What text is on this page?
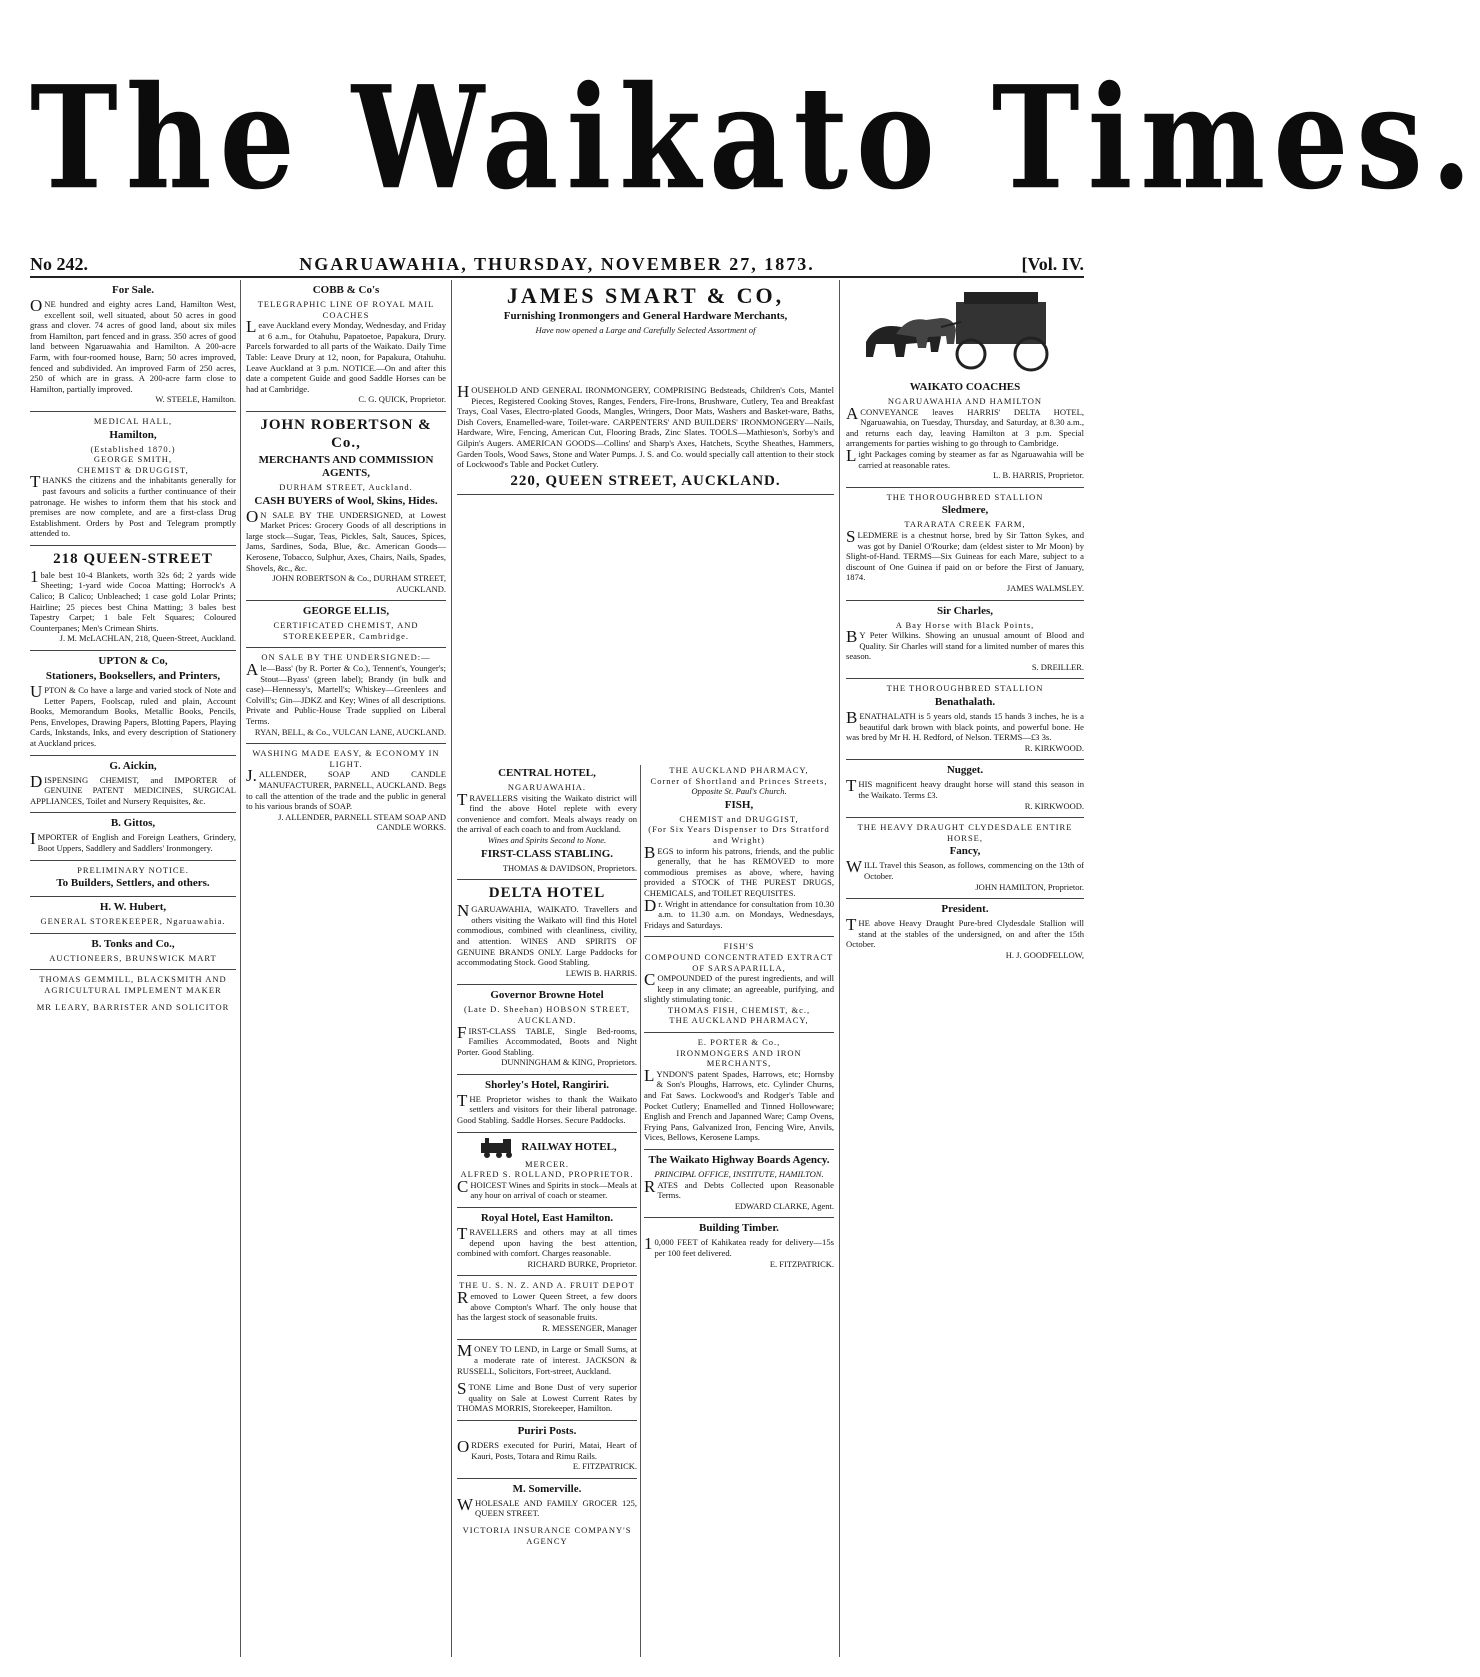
The Waikato Times.
No 242.	NGARUAWAHIA, THURSDAY, NOVEMBER 27, 1873.	[Vol. IV.
For Sale.
ONE hundred and eighty acres Land, Hamilton West, excellent soil, well situated, about 50 acres in good grass and clover. 74 acres of good land, about six miles from Hamilton, part fenced and in grass. 350 acres of good land between Ngaruawahia and Hamilton. A 200-acre Farm, with four-roomed house, Barn; 50 acres improved, fenced and subdivided. An improved Farm of 250 acres, 250 of which are in grass. A 200-acre farm close to Hamilton, partially improved.
W. STEELE, Hamilton.
MEDICAL HALL,
Hamilton,
(Established 1870.)
GEORGE SMITH,
CHEMIST & DRUGGIST,
THANKS the citizens and the inhabitants generally for past favours and solicits a further continuance of their patronage. He wishes to inform them that his stock and premises are now complete, and are a first-class Drug Establishment. Orders by Post and Telegram promptly attended to.
218 QUEEN-STREET
1bale best 10-4 Blankets, worth 32s 6d; 2 yards wide Sheeting; 1-yard wide Cocoa Matting; Horrock's A Calico; B Calico; Unbleached; 1 case gold Lolar Prints; Hairline; 25 pieces best China Matting; 3 bales best Tapestry Carpet; 1 bale Felt Squares; Coloured Counterpanes; Men's Crimean Shirts.
J. M. McLACHLAN, 218, Queen-Street, Auckland.
UPTON & Co,
Stationers, Booksellers, and Printers,
UPTON & Co have a large and varied stock of Note and Letter Papers, Foolscap, ruled and plain, Account Books, Memorandum Books, Metallic Books, Pencils, Pens, Envelopes, Drawing Papers, Blotting Papers, Playing Cards, Inkstands, Inks, and every description of Stationery at Auckland prices.
G. Aickin,
DISPENSING CHEMIST, and IMPORTER of GENUINE PATENT MEDICINES, SURGICAL APPLIANCES, Toilet and Nursery Requisites, &c.
B. Gittos,
IMPORTER of English and Foreign Leathers, Grindery, Boot Uppers, Saddlery and Saddlers' Ironmongery.
PRELIMINARY NOTICE.
To Builders, Settlers, and others.
H. W. Hubert,
GENERAL STOREKEEPER, Ngaruawahia.
B. Tonks and Co.,
AUCTIONEERS, BRUNSWICK MART
THOMAS GEMMILL, BLACKSMITH AND AGRICULTURAL IMPLEMENT MAKER
MR LEARY, BARRISTER AND SOLICITOR
COBB & Co's
TELEGRAPHIC LINE OF ROYAL MAIL COACHES
Leave Auckland every Monday, Wednesday, and Friday at 6 a.m., for Otahuhu, Papatoetoe, Papakura, Drury. Parcels forwarded to all parts of the Waikato. Daily Time Table: Leave Drury at 12, noon, for Papakura, Otahuhu. Leave Auckland at 3 p.m. NOTICE.—On and after this date a competent Guide and good Saddle Horses can be had at Cambridge.
C. G. QUICK, Proprietor.
JOHN ROBERTSON & Co.,
MERCHANTS AND COMMISSION AGENTS,
DURHAM STREET, Auckland.
CASH BUYERS of Wool, Skins, Hides.
ON SALE BY THE UNDERSIGNED, at Lowest Market Prices: Grocery Goods of all descriptions in large stock—Sugar, Teas, Pickles, Salt, Sauces, Spices, Jams, Sardines, Soda, Blue, &c. American Goods—Kerosene, Tobacco, Sulphur, Axes, Chairs, Nails, Spades, Shovels, &c., &c.
JOHN ROBERTSON & Co., DURHAM STREET, AUCKLAND.
GEORGE ELLIS,
CERTIFICATED CHEMIST, AND STOREKEEPER, Cambridge.
ON SALE BY THE UNDERSIGNED:—
Ale—Bass' (by R. Porter & Co.), Tennent's, Younger's; Stout—Byass' (green label); Brandy (in bulk and case)—Hennessy's, Martell's; Whiskey—Greenlees and Colvill's; Gin—JDKZ and Key; Wines of all descriptions. Private and Public-House Trade supplied on Liberal Terms.
RYAN, BELL, & Co., VULCAN LANE, AUCKLAND.
WASHING MADE EASY, & ECONOMY IN LIGHT.
J.ALLENDER, SOAP AND CANDLE MANUFACTURER, PARNELL, AUCKLAND. Begs to call the attention of the trade and the public in general to his various brands of SOAP.
J. ALLENDER, PARNELL STEAM SOAP AND CANDLE WORKS.
JAMES SMART & CO,
Furnishing Ironmongers and General Hardware Merchants,
Have now opened a Large and Carefully Selected Assortment of
HOUSEHOLD AND GENERAL IRONMONGERY, COMPRISING Bedsteads, Children's Cots, Mantel Pieces, Registered Cooking Stoves, Ranges, Fenders, Fire-Irons, Brushware, Cutlery, Tea and Breakfast Trays, Coal Vases, Electro-plated Goods, Mangles, Wringers, Door Mats, Washers and Basket-ware, Baths, Dish Covers, Enamelled-ware, Toilet-ware. CARPENTERS' AND BUILDERS' IRONMONGERY—Nails, Hardware, Wire, Fencing, American Cut, Flooring Brads, Zinc Slates. TOOLS—Mathieson's, Sorby's and Gilpin's Augers. AMERICAN GOODS—Collins' and Sharp's Axes, Hatchets, Scythe Sheathes, Hammers, Garden Tools, Wood Saws, Stone and Water Pumps. J. S. and Co. would specially call attention to their stock of Lockwood's Table and Pocket Cutlery.
220, QUEEN STREET, AUCKLAND.
CENTRAL HOTEL,
NGARUAWAHIA.
TRAVELLERS visiting the Waikato district will find the above Hotel replete with every convenience and comfort. Meals always ready on the arrival of each coach to and from Auckland.
Wines and Spirits Second to None.
FIRST-CLASS STABLING.
THOMAS & DAVIDSON, Proprietors.
DELTA HOTEL
NGARUAWAHIA, WAIKATO. Travellers and others visiting the Waikato will find this Hotel commodious, combined with cleanliness, civility, and attention. WINES AND SPIRITS OF GENUINE BRANDS ONLY. Large Paddocks for accommodating Stock. Good Stabling.
LEWIS B. HARRIS.
Governor Browne Hotel
(Late D. Sheehan) HOBSON STREET, AUCKLAND.
FIRST-CLASS TABLE, Single Bed-rooms, Families Accommodated, Boots and Night Porter. Good Stabling.
DUNNINGHAM & KING, Proprietors.
Shorley's Hotel, Rangiriri.
THE Proprietor wishes to thank the Waikato settlers and visitors for their liberal patronage. Good Stabling. Saddle Horses. Secure Paddocks.
RAILWAY HOTEL,
MERCER.
ALFRED S. ROLLAND, PROPRIETOR.
CHOICEST Wines and Spirits in stock—Meals at any hour on arrival of coach or steamer.
Royal Hotel, East Hamilton.
TRAVELLERS and others may at all times depend upon having the best attention, combined with comfort. Charges reasonable.
RICHARD BURKE, Proprietor.
THE U. S. N. Z. AND A. FRUIT DEPOT
Removed to Lower Queen Street, a few doors above Compton's Wharf. The only house that has the largest stock of seasonable fruits.
R. MESSENGER, Manager
MONEY TO LEND, in Large or Small Sums, at a moderate rate of interest. JACKSON & RUSSELL, Solicitors, Fort-street, Auckland.
STONE Lime and Bone Dust of very superior quality on Sale at Lowest Current Rates by THOMAS MORRIS, Storekeeper, Hamilton.
Puriri Posts.
ORDERS executed for Puriri, Matai, Heart of Kauri, Posts, Totara and Rimu Rails.
E. FITZPATRICK.
M. Somerville.
WHOLESALE AND FAMILY GROCER 125, QUEEN STREET.
VICTORIA INSURANCE COMPANY'S AGENCY
THE AUCKLAND PHARMACY,
Corner of Shortland and Princes Streets,
Opposite St. Paul's Church.
FISH,
CHEMIST and DRUGGIST,
(For Six Years Dispenser to Drs Stratford and Wright)
BEGS to inform his patrons, friends, and the public generally, that he has REMOVED to more commodious premises as above, where, having provided a STOCK of THE PUREST DRUGS, CHEMICALS, and TOILET REQUISITES.
Dr. Wright in attendance for consultation from 10.30 a.m. to 11.30 a.m. on Mondays, Wednesdays, Fridays and Saturdays.
FISH'S
COMPOUND CONCENTRATED EXTRACT OF SARSAPARILLA,
COMPOUNDED of the purest ingredients, and will keep in any climate; an agreeable, purifying, and slightly stimulating tonic.
THOMAS FISH, CHEMIST, &c.,
THE AUCKLAND PHARMACY,
E. PORTER & Co.,
IRONMONGERS AND IRON MERCHANTS,
LYNDON'S patent Spades, Harrows, etc; Hornsby & Son's Ploughs, Harrows, etc. Cylinder Churns, and Fat Saws. Lockwood's and Rodger's Table and Pocket Cutlery; Enamelled and Tinned Hollowware; English and French and Japanned Ware; Camp Ovens, Frying Pans, Galvanized Iron, Fencing Wire, Anvils, Vices, Bellows, Kerosene Lamps.
The Waikato Highway Boards Agency.
PRINCIPAL OFFICE, INSTITUTE, HAMILTON.
RATES and Debts Collected upon Reasonable Terms.
EDWARD CLARKE, Agent.
Building Timber.
10,000 FEET of Kahikatea ready for delivery—15s per 100 feet delivered.
E. FITZPATRICK.
WAIKATO COACHES
NGARUAWAHIA AND HAMILTON
ACONVEYANCE leaves HARRIS' DELTA HOTEL, Ngaruawahia, on Tuesday, Thursday, and Saturday, at 8.30 a.m., and returns each day, leaving Hamilton at 3 p.m. Special arrangements for parties wishing to go through to Cambridge.
Light Packages coming by steamer as far as Ngaruawahia will be carried at reasonable rates.
L. B. HARRIS, Proprietor.
THE THOROUGHBRED STALLION
Sledmere,
TARARATA CREEK FARM,
SLEDMERE is a chestnut horse, bred by Sir Tatton Sykes, and was got by Daniel O'Rourke; dam (eldest sister to Mr Moon) by Slight-of-Hand. TERMS—Six Guineas for each Mare, subject to a discount of One Guinea if paid on or before the First of January, 1874.
JAMES WALMSLEY.
Sir Charles,
A Bay Horse with Black Points,
BY Peter Wilkins. Showing an unusual amount of Blood and Quality. Sir Charles will stand for a limited number of mares this season.
S. DREILLER.
THE THOROUGHBRED STALLION
Benathalath.
BENATHALATH is 5 years old, stands 15 hands 3 inches, he is a beautiful dark brown with black points, and powerful bone. He was bred by Mr H. H. Redford, of Nelson. TERMS—£3 3s.
R. KIRKWOOD.
Nugget.
THIS magnificent heavy draught horse will stand this season in the Waikato. Terms £3.
R. KIRKWOOD.
THE HEAVY DRAUGHT CLYDESDALE ENTIRE HORSE,
Fancy,
WILL Travel this Season, as follows, commencing on the 13th of October.
JOHN HAMILTON, Proprietor.
President.
THE above Heavy Draught Pure-bred Clydesdale Stallion will stand at the stables of the undersigned, on and after the 15th October.
H. J. GOODFELLOW,
